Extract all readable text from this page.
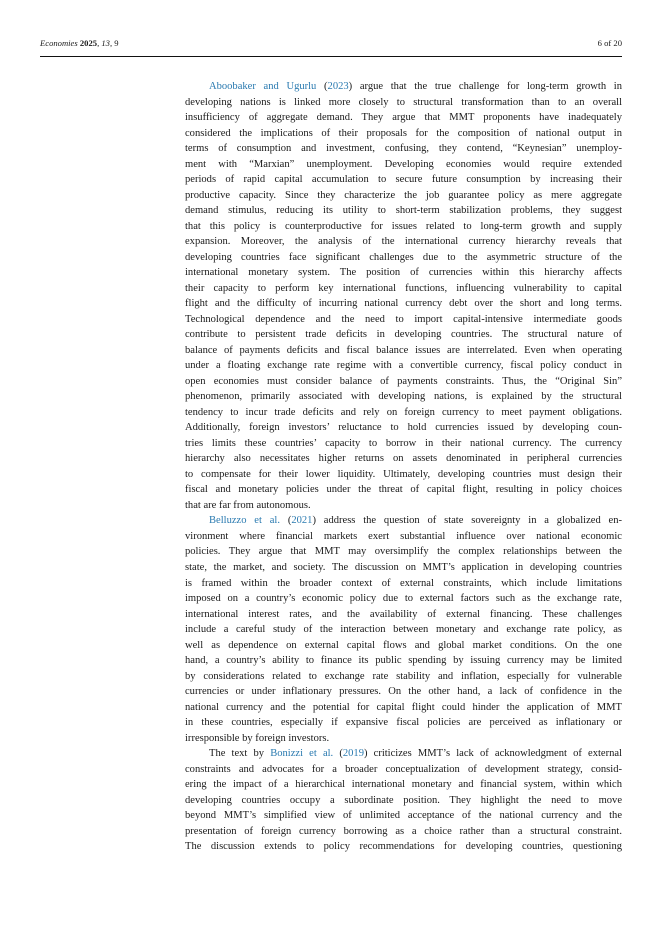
Economies 2025, 13, 9	6 of 20
Aboobaker and Ugurlu (2023) argue that the true challenge for long-term growth in
developing nations is linked more closely to structural transformation than to an overall
insufficiency of aggregate demand. They argue that MMT proponents have inadequately
considered the implications of their proposals for the composition of national output in
terms of consumption and investment, confusing, they contend, “Keynesian” unemploy-
ment with “Marxian” unemployment. Developing economies would require extended
periods of rapid capital accumulation to secure future consumption by increasing their
productive capacity. Since they characterize the job guarantee policy as mere aggregate
demand stimulus, reducing its utility to short-term stabilization problems, they suggest
that this policy is counterproductive for issues related to long-term growth and supply
expansion. Moreover, the analysis of the international currency hierarchy reveals that
developing countries face significant challenges due to the asymmetric structure of the
international monetary system. The position of currencies within this hierarchy affects
their capacity to perform key international functions, influencing vulnerability to capital
flight and the difficulty of incurring national currency debt over the short and long terms.
Technological dependence and the need to import capital-intensive intermediate goods
contribute to persistent trade deficits in developing countries. The structural nature of
balance of payments deficits and fiscal balance issues are interrelated. Even when operating
under a floating exchange rate regime with a convertible currency, fiscal policy conduct in
open economies must consider balance of payments constraints. Thus, the “Original Sin”
phenomenon, primarily associated with developing nations, is explained by the structural
tendency to incur trade deficits and rely on foreign currency to meet payment obligations.
Additionally, foreign investors’ reluctance to hold currencies issued by developing coun-
tries limits these countries’ capacity to borrow in their national currency. The currency
hierarchy also necessitates higher returns on assets denominated in peripheral currencies
to compensate for their lower liquidity. Ultimately, developing countries must design their
fiscal and monetary policies under the threat of capital flight, resulting in policy choices
that are far from autonomous.
Belluzzo et al. (2021) address the question of state sovereignty in a globalized en-
vironment where financial markets exert substantial influence over national economic
policies. They argue that MMT may oversimplify the complex relationships between the
state, the market, and society. The discussion on MMT’s application in developing countries
is framed within the broader context of external constraints, which include limitations
imposed on a country’s economic policy due to external factors such as the exchange rate,
international interest rates, and the availability of external financing. These challenges
include a careful study of the interaction between monetary and exchange rate policy, as
well as dependence on external capital flows and global market conditions. On the one
hand, a country’s ability to finance its public spending by issuing currency may be limited
by considerations related to exchange rate stability and inflation, especially for vulnerable
currencies or under inflationary pressures. On the other hand, a lack of confidence in the
national currency and the potential for capital flight could hinder the application of MMT
in these countries, especially if expansive fiscal policies are perceived as inflationary or
irresponsible by foreign investors.
The text by Bonizzi et al. (2019) criticizes MMT’s lack of acknowledgment of external
constraints and advocates for a broader conceptualization of development strategy, consid-
ering the impact of a hierarchical international monetary and financial system, within which
developing countries occupy a subordinate position. They highlight the need to move
beyond MMT’s simplified view of unlimited acceptance of the national currency and the
presentation of foreign currency borrowing as a choice rather than a structural constraint.
The discussion extends to policy recommendations for developing countries, questioning
